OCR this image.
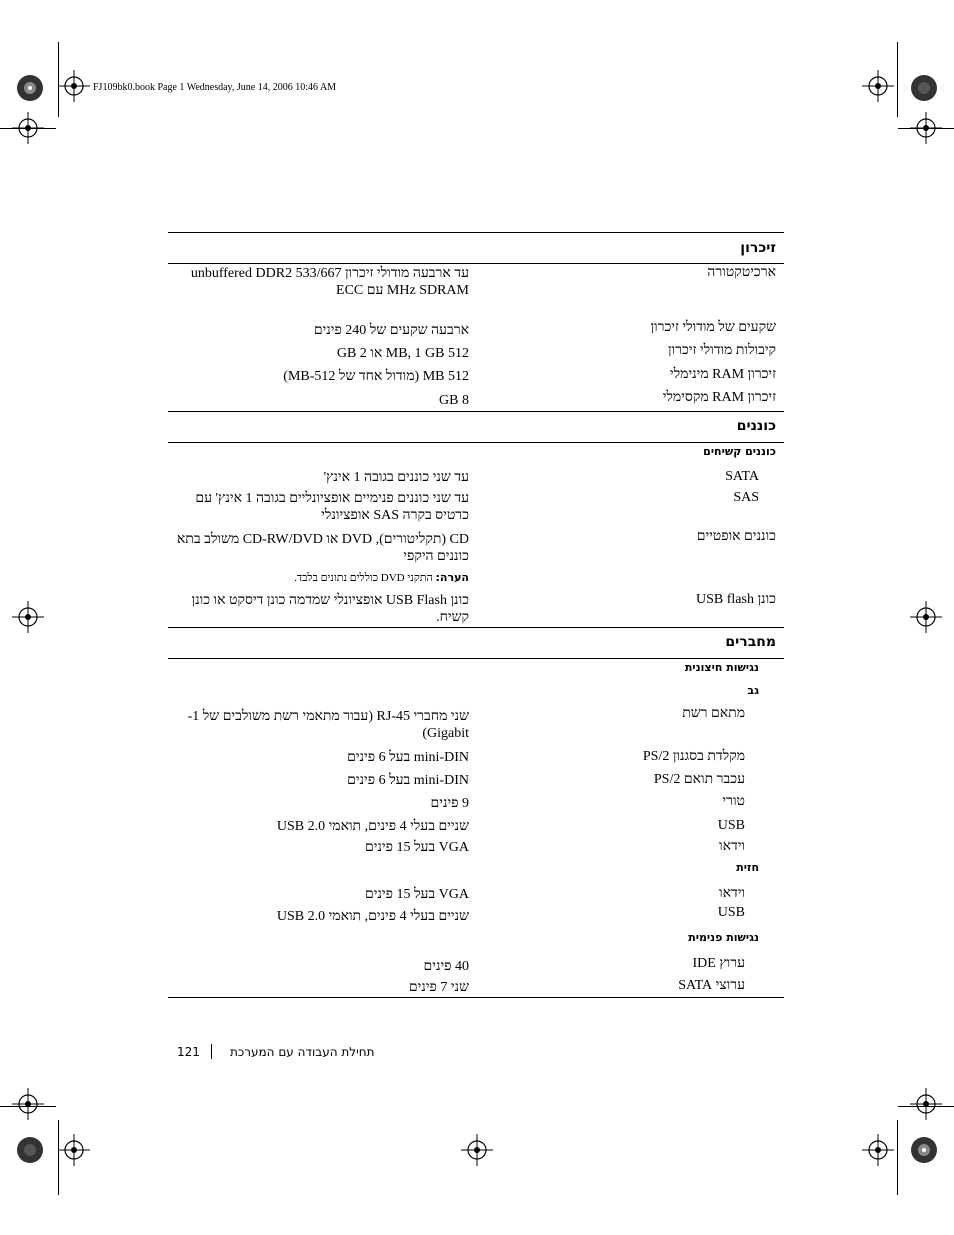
FJ109bk0.book Page 1 Wednesday, June 14, 2006 10:46 AM
זיכרון
ארכיטקטורה
עד ארבעה מודולי זיכרון unbuffered DDR2 533/667 MHz SDRAM עם ECC
שקעים של מודולי זיכרון
ארבעה שקעים של 240 פינים
קיבולות מודולי זיכרון
512 MB, 1 GB או 2 GB
זיכרון RAM מינימלי
512 MB (מודול אחד של 512-MB)
זיכרון RAM מקסימלי
8 GB
כוננים
כוננים קשיחים
SATA
עד שני כוננים בגובה 1 אינץ'
SAS
עד שני כוננים פנימיים אופציונליים בגובה 1 אינץ' עם כרטיס בקרה SAS אופציונלי
כוננים אופטיים
CD (תקליטורים), DVD או CD-RW/DVD משולב בתא כוננים היקפי
הערה: התקני DVD כוללים נתונים בלבד.
כונן USB flash
כונן USB Flash אופציונלי שמדמה כונן דיסקט או כונן קשיח.
מחברים
נגישות חיצונית
גב
מתאם רשת
שני מחברי RJ-45 (עבור מתאמי רשת משולבים של 1-Gigabit)
מקלדת בסגנון PS/2
mini-DIN בעל 6 פינים
עכבר תואם PS/2
mini-DIN בעל 6 פינים
טורי
9 פינים
USB
שניים בעלי 4 פינים, תואמי USB 2.0
וידאו
VGA בעל 15 פינים
חזית
וידאו
VGA בעל 15 פינים
USB
שניים בעלי 4 פינים, תואמי USB 2.0
נגישות פנימית
ערוץ IDE
40 פינים
ערוצי SATA
שני 7 פינים
121	תחילת העבודה עם המערכת
